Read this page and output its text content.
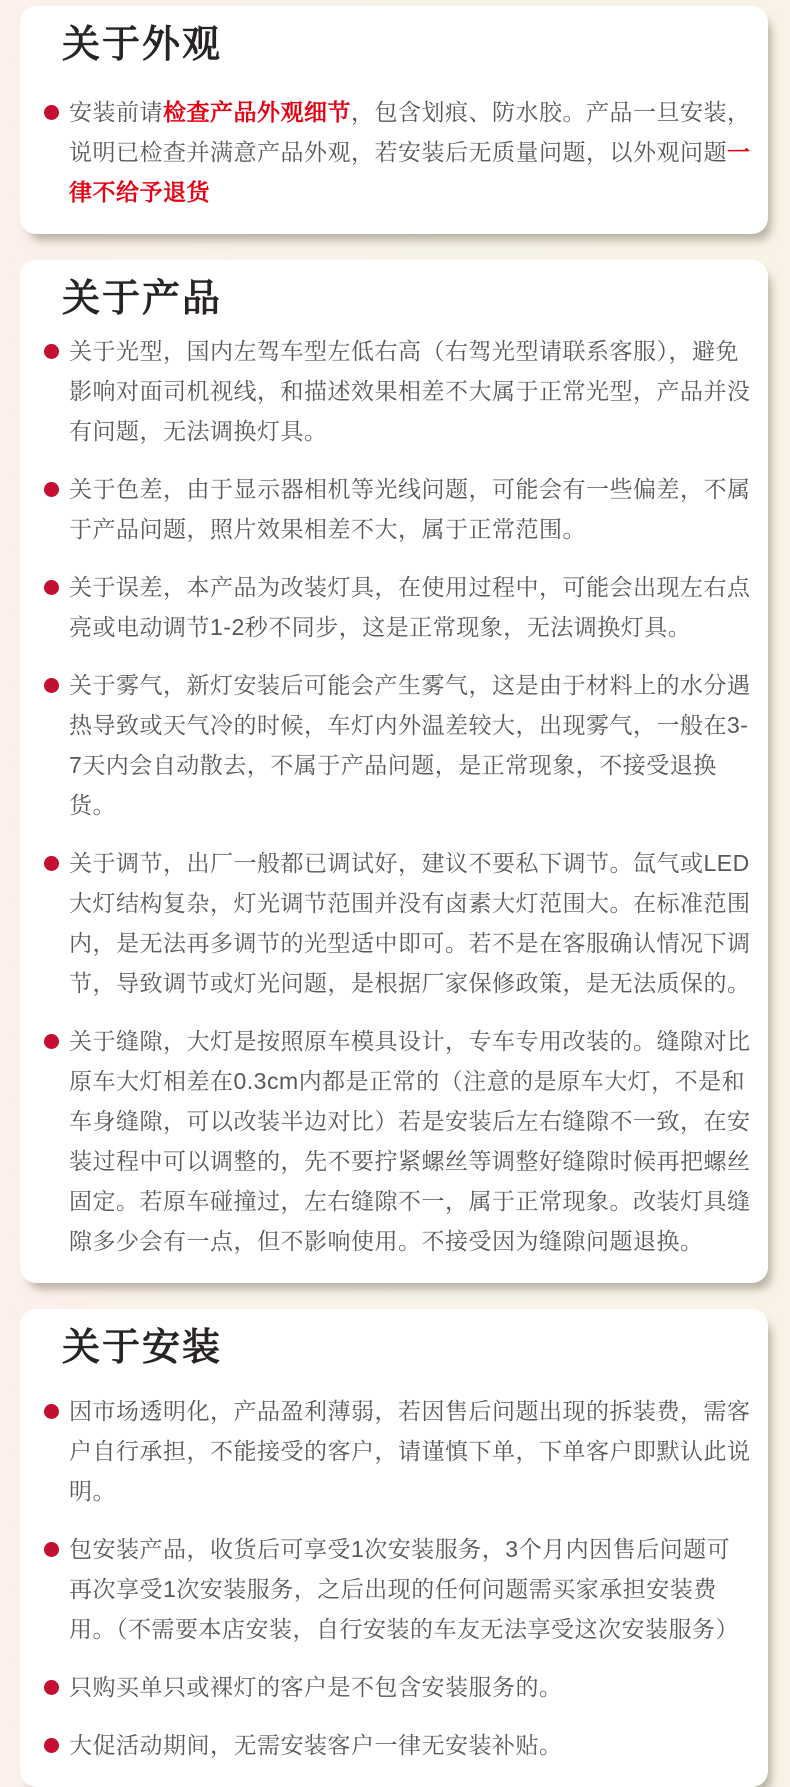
关于外观

安装前请检查产品外观细节，包含划痕、防水胶。产品一旦安装，说明已检查并满意产品外观，若安装后无质量问题，以外观问题一律不给予退货

关于产品

关于光型，国内左驾车型左低右高（右驾光型请联系客服），避免影响对面司机视线，和描述效果相差不大属于正常光型，产品并没有问题，无法调换灯具。

关于色差，由于显示器相机等光线问题，可能会有一些偏差，不属于产品问题，照片效果相差不大，属于正常范围。

关于误差，本产品为改装灯具，在使用过程中，可能会出现左右点亮或电动调节1-2秒不同步，这是正常现象，无法调换灯具。

关于雾气，新灯安装后可能会产生雾气，这是由于材料上的水分遇热导致或天气冷的时候，车灯内外温差较大，出现雾气，一般在3-7天内会自动散去，不属于产品问题，是正常现象，不接受退换货。

关于调节，出厂一般都已调试好，建议不要私下调节。氙气或LED大灯结构复杂，灯光调节范围并没有卤素大灯范围大。在标准范围内，是无法再多调节的光型适中即可。若不是在客服确认情况下调节，导致调节或灯光问题，是根据厂家保修政策，是无法质保的。

关于缝隙，大灯是按照原车模具设计，专车专用改装的。缝隙对比原车大灯相差在0.3cm内都是正常的（注意的是原车大灯，不是和车身缝隙，可以改装半边对比）若是安装后左右缝隙不一致，在安装过程中可以调整的，先不要拧紧螺丝等调整好缝隙时候再把螺丝固定。若原车碰撞过，左右缝隙不一，属于正常现象。改装灯具缝隙多少会有一点，但不影响使用。不接受因为缝隙问题退换。

关于安装

因市场透明化，产品盈利薄弱，若因售后问题出现的拆装费，需客户自行承担，不能接受的客户，请谨慎下单，下单客户即默认此说明。

包安装产品，收货后可享受1次安装服务，3个月内因售后问题可再次享受1次安装服务，之后出现的任何问题需买家承担安装费用。（不需要本店安装，自行安装的车友无法享受这次安装服务）

只购买单只或裸灯的客户是不包含安装服务的。

大促活动期间，无需安装客户一律无安装补贴。
